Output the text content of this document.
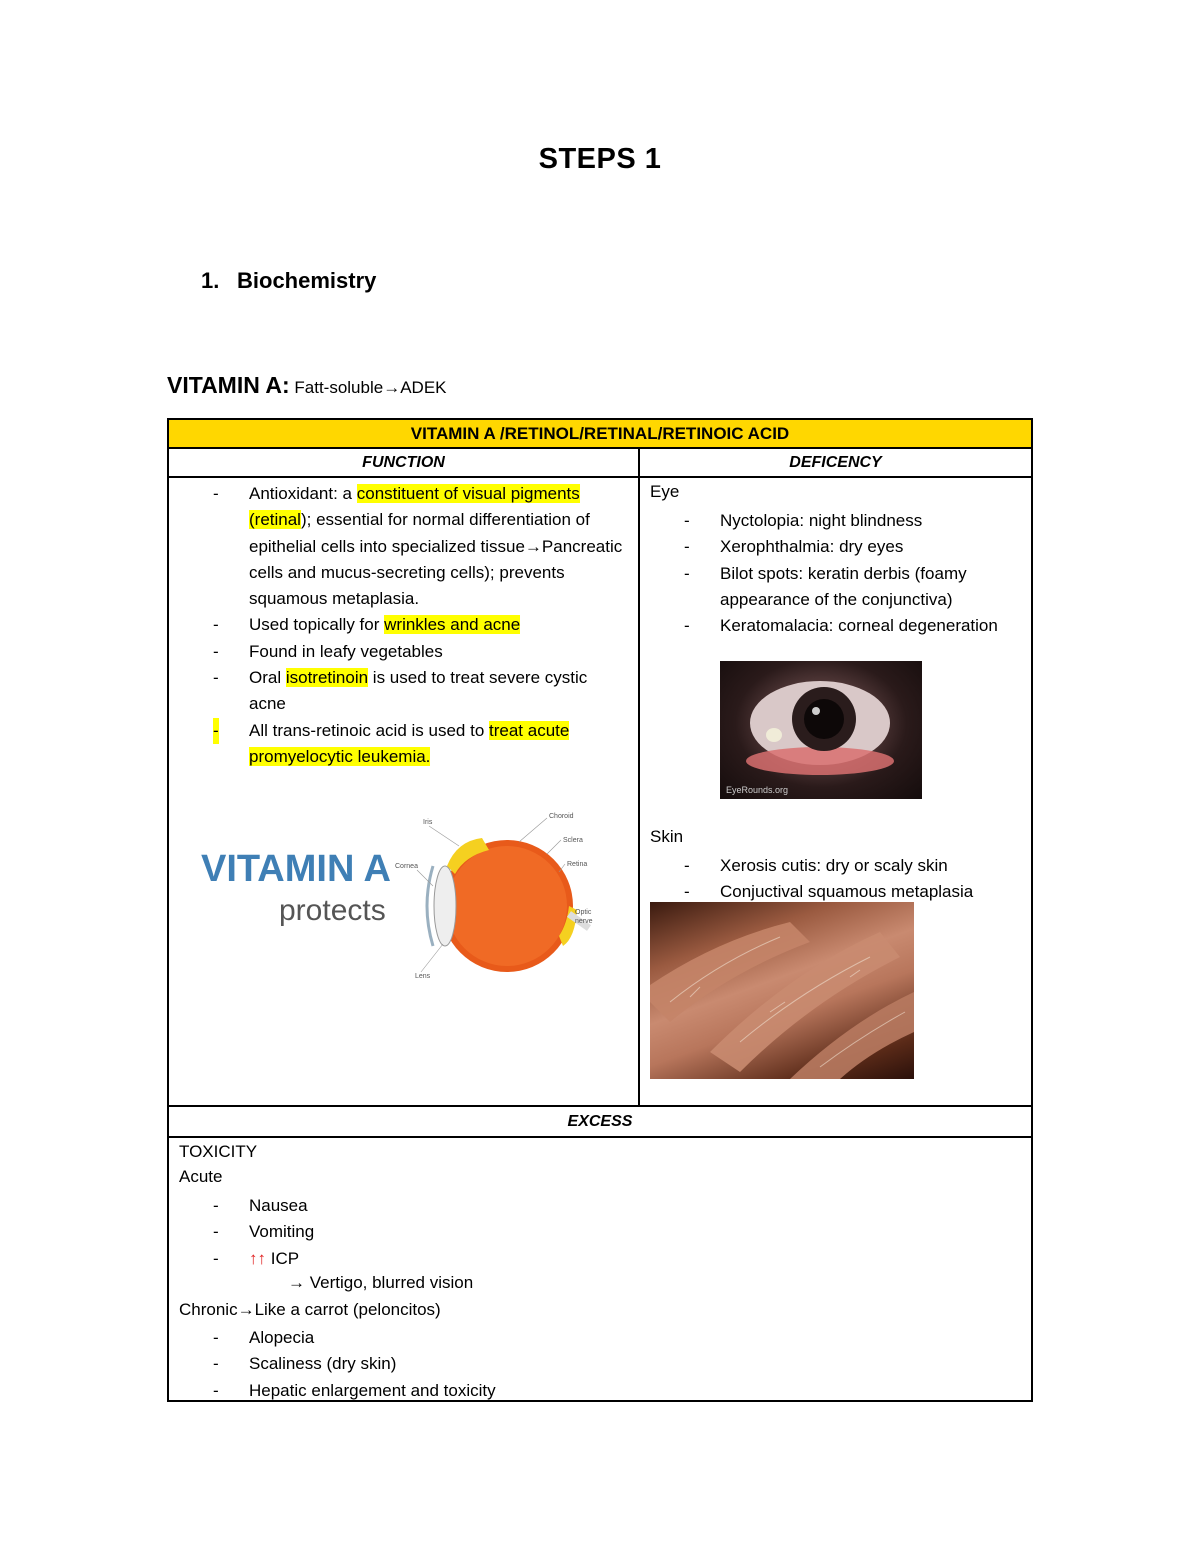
STEPS 1
1. Biochemistry
VITAMIN A: Fatt-soluble→ADEK
VITAMIN A /RETINOL/RETINAL/RETINOIC ACID
FUNCTION	DEFICENCY
- Antioxidant: a constituent of visual pigments (retinal); essential for normal differentiation of epithelial cells into specialized tissue→Pancreatic cells and mucus-secreting cells); prevents squamous metaplasia.
- Used topically for wrinkles and acne
- Found in leafy vegetables
- Oral isotretinoin is used to treat severe cystic acne
- All trans-retinoic acid is used to treat acute promyelocytic leukemia.
VITAMIN A
protects
Iris
Cornea
Lens
Choroid
Sclera
Retina
Optic
nerve
Eye
- Nyctolopia: night blindness
- Xerophthalmia: dry eyes
- Bilot spots: keratin derbis (foamy appearance of the conjunctiva)
- Keratomalacia: corneal degeneration
EyeRounds.org
Skin
- Xerosis cutis: dry or scaly skin
- Conjuctival squamous metaplasia
EXCESS
TOXICITY
Acute
- Nausea
- Vomiting
- ↑↑ ICP
→ Vertigo, blurred vision
Chronic→Like a carrot (peloncitos)
- Alopecia
- Scaliness (dry skin)
- Hepatic enlargement and toxicity
